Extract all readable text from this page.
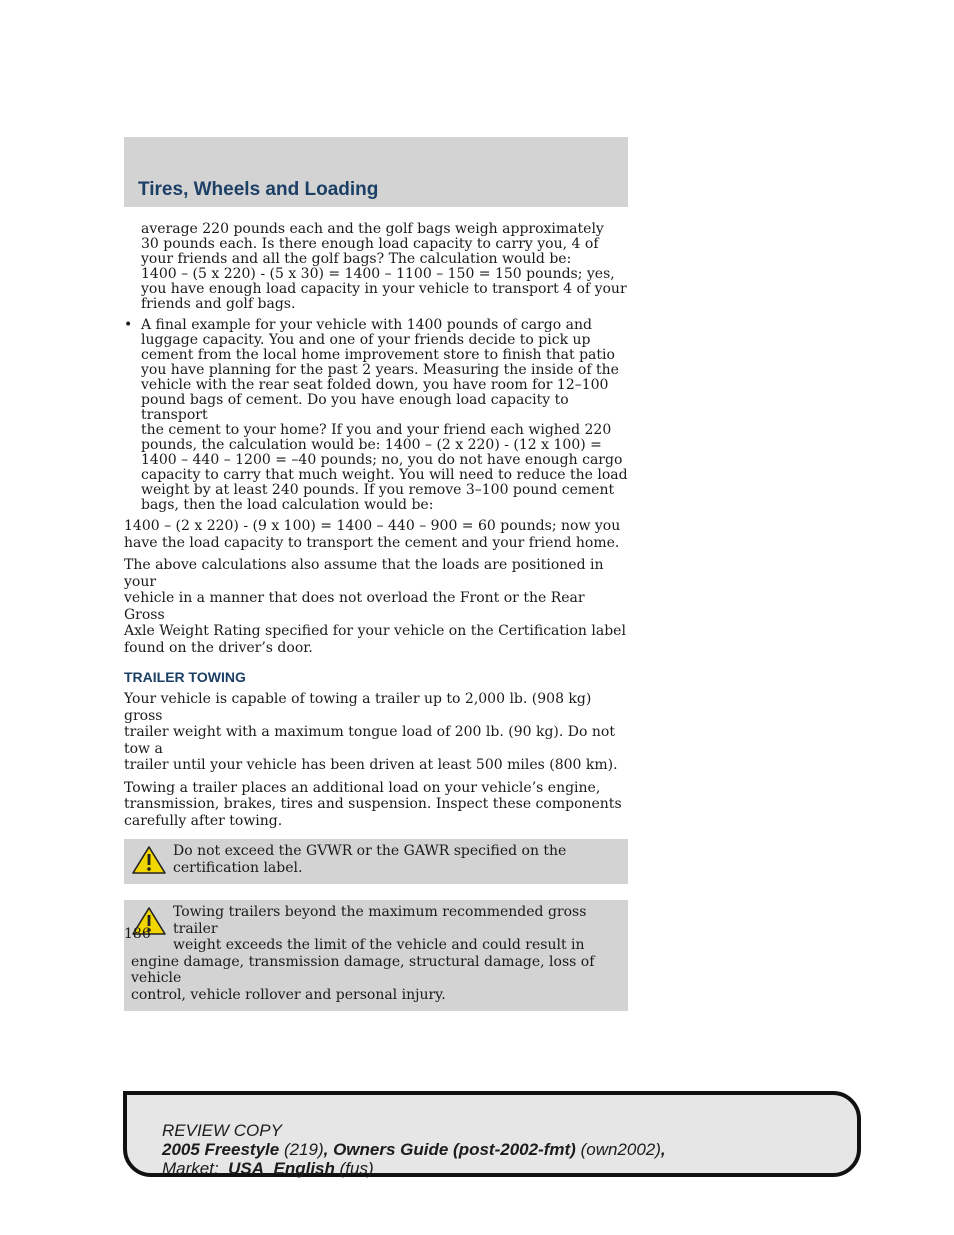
Tires, Wheels and Loading
average 220 pounds each and the golf bags weigh approximately
30 pounds each. Is there enough load capacity to carry you, 4 of
your friends and all the golf bags? The calculation would be:
1400 – (5 x 220) - (5 x 30) = 1400 – 1100 – 150 = 150 pounds; yes,
you have enough load capacity in your vehicle to transport 4 of your
friends and golf bags.
• A final example for your vehicle with 1400 pounds of cargo and
luggage capacity. You and one of your friends decide to pick up
cement from the local home improvement store to finish that patio
you have planning for the past 2 years. Measuring the inside of the
vehicle with the rear seat folded down, you have room for 12–100
pound bags of cement. Do you have enough load capacity to transport
the cement to your home? If you and your friend each wighed 220
pounds, the calculation would be: 1400 – (2 x 220) - (12 x 100) =
1400 – 440 – 1200 = –40 pounds; no, you do not have enough cargo
capacity to carry that much weight. You will need to reduce the load
weight by at least 240 pounds. If you remove 3–100 pound cement
bags, then the load calculation would be:
1400 – (2 x 220) - (9 x 100) = 1400 – 440 – 900 = 60 pounds; now you
have the load capacity to transport the cement and your friend home.
The above calculations also assume that the loads are positioned in your
vehicle in a manner that does not overload the Front or the Rear Gross
Axle Weight Rating specified for your vehicle on the Certification label
found on the driver’s door.
TRAILER TOWING
Your vehicle is capable of towing a trailer up to 2,000 lb. (908 kg) gross
trailer weight with a maximum tongue load of 200 lb. (90 kg). Do not tow a
trailer until your vehicle has been driven at least 500 miles (800 km).
Towing a trailer places an additional load on your vehicle’s engine,
transmission, brakes, tires and suspension. Inspect these components
carefully after towing.
Do not exceed the GVWR or the GAWR specified on the
certification label.
Towing trailers beyond the maximum recommended gross trailer
weight exceeds the limit of the vehicle and could result in
engine damage, transmission damage, structural damage, loss of vehicle
control, vehicle rollover and personal injury.
186

REVIEW COPY

2005 Freestyle (219), Owners Guide (post-2002-fmt) (own2002),

Market: USA_English (fus)
